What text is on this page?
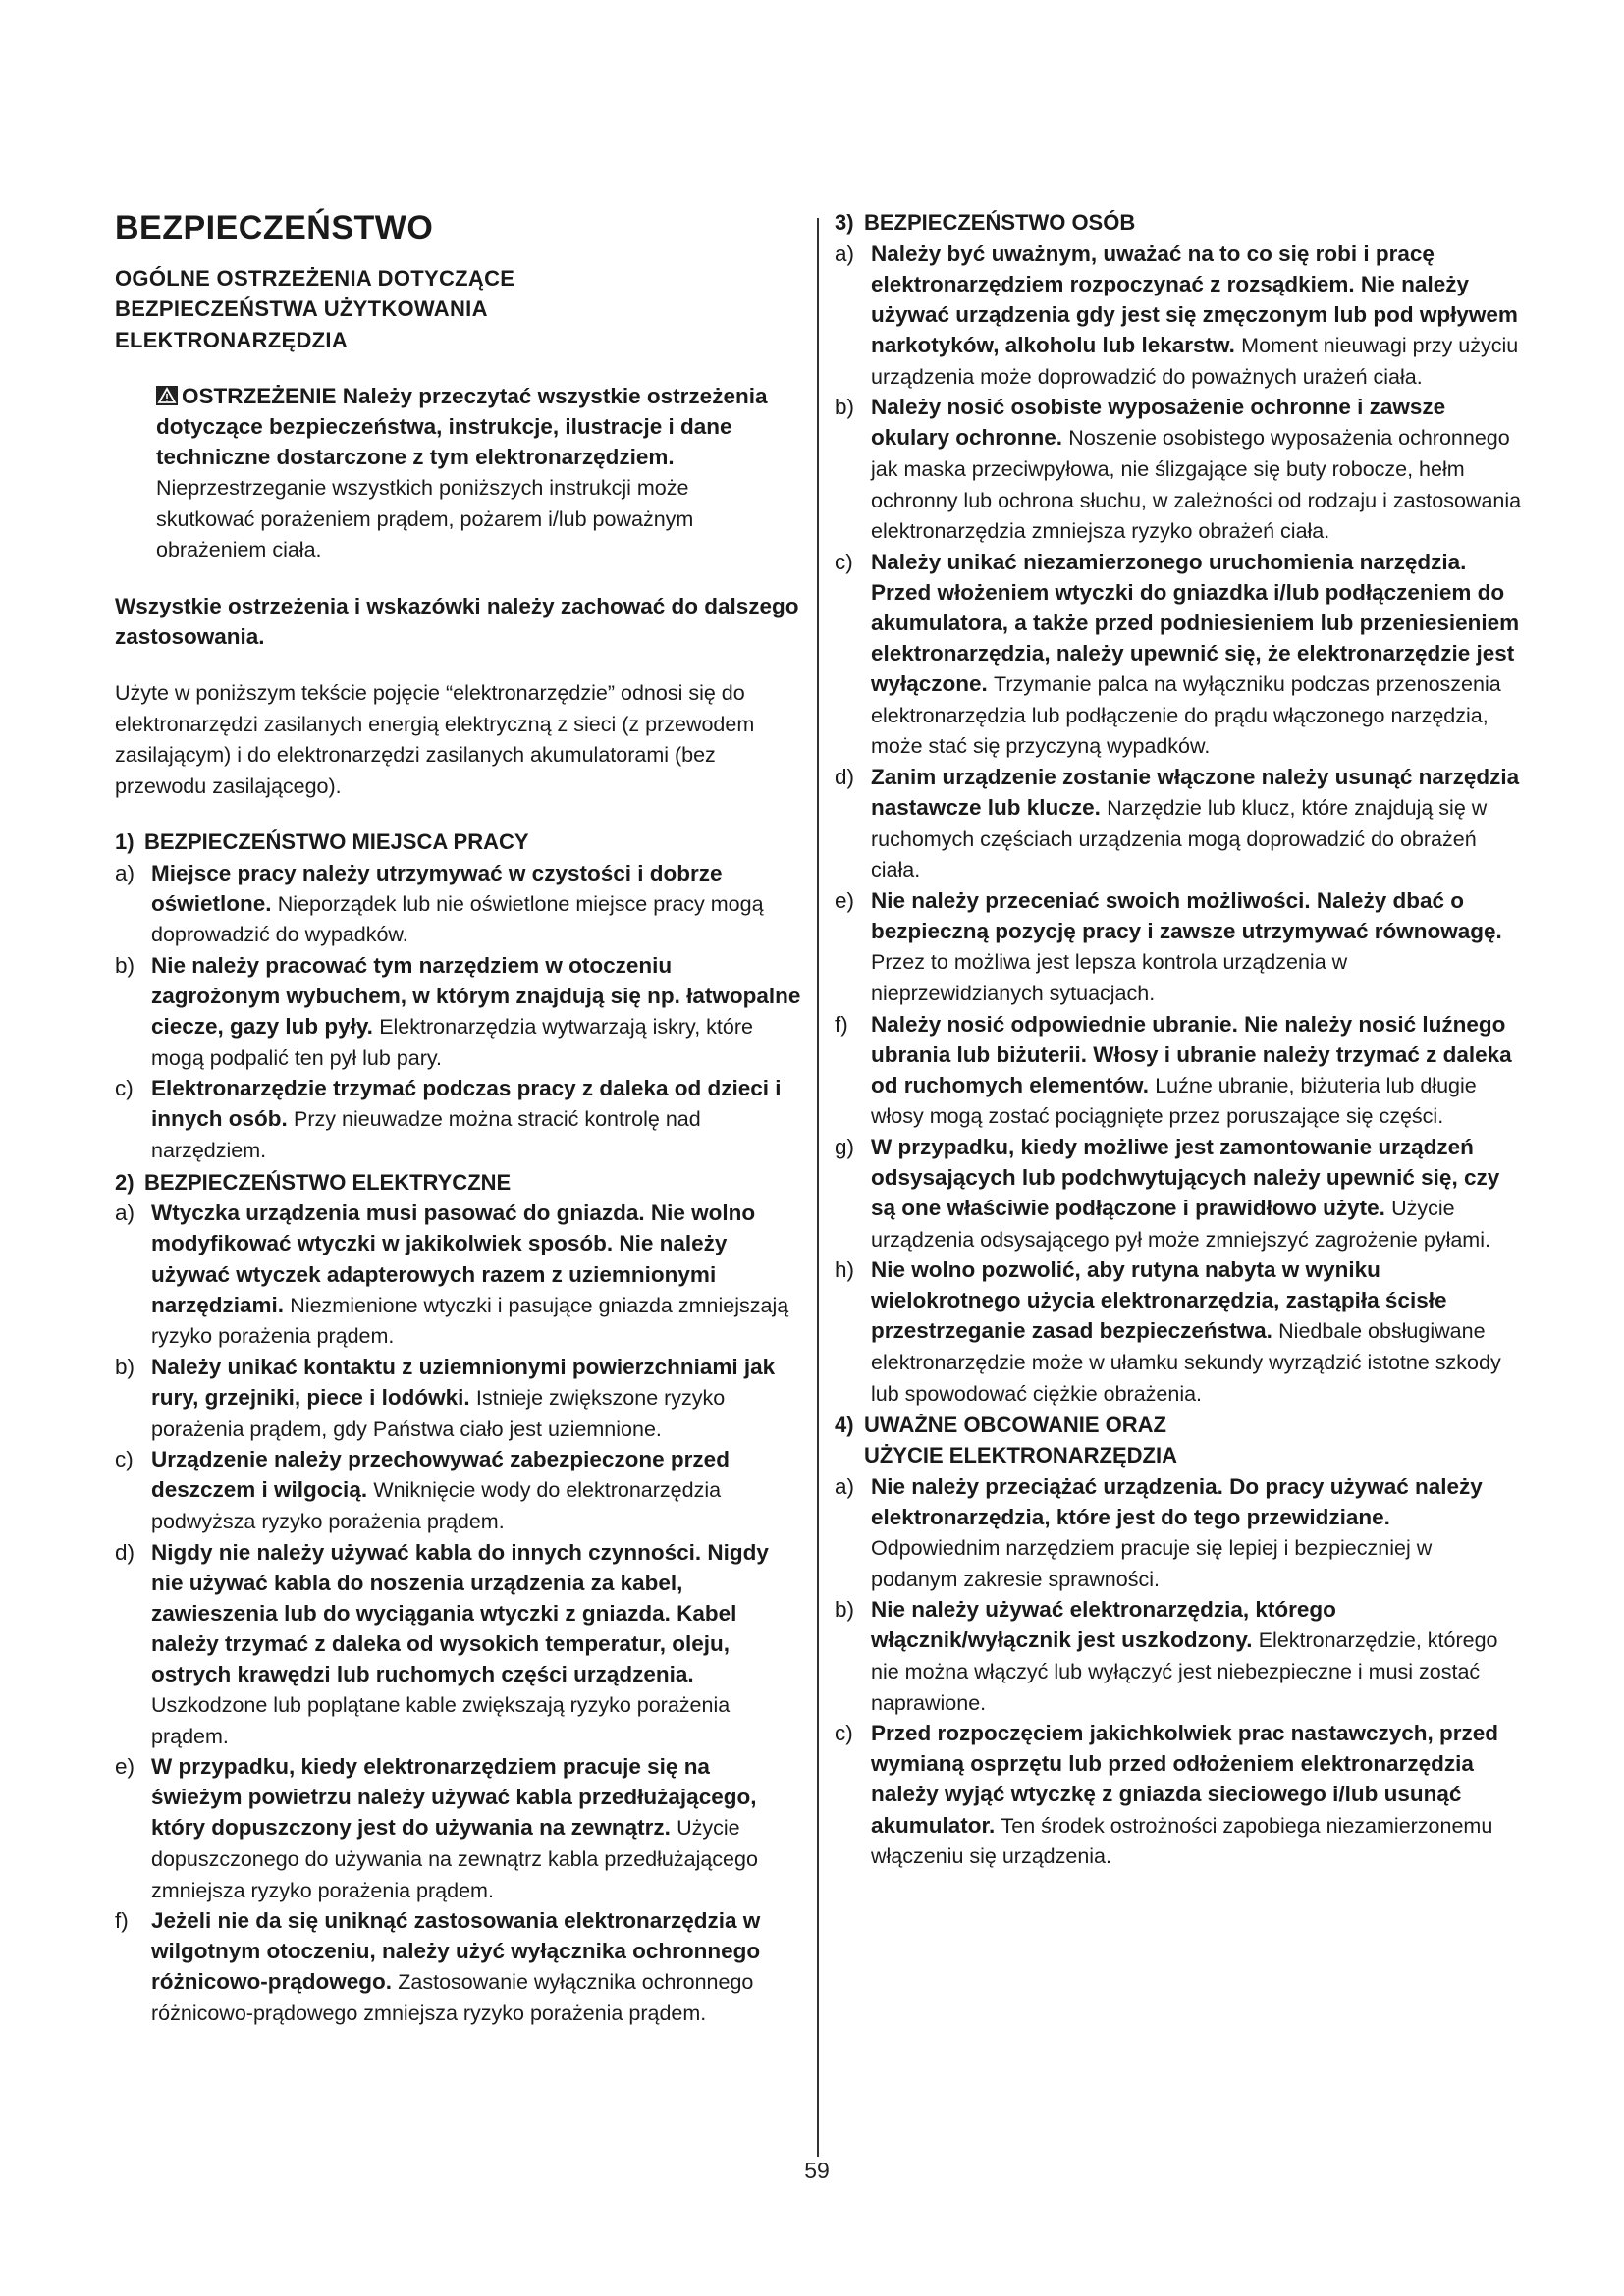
BEZPIECZEŃSTWO
OGÓLNE OSTRZEŻENIA DOTYCZĄCE BEZPIECZEŃSTWA UŻYTKOWANIA ELEKTRONARZĘDZIA

OSTRZEŻENIE Należy przeczytać wszystkie ostrzeżenia dotyczące bezpieczeństwa, instrukcje, ilustracje i dane techniczne dostarczone z tym elektronarzędziem. Nieprzestrzeganie wszystkich poniższych instrukcji może skutkować porażeniem prądem, pożarem i/lub poważnym obrażeniem ciała.

Wszystkie ostrzeżenia i wskazówki należy zachować do dalszego zastosowania.

Użyte w poniższym tekście pojęcie “elektronarzędzie” odnosi się do elektronarzędzi zasilanych energią elektryczną z sieci (z przewodem zasilającym) i do elektronarzędzi zasilanych akumulatorami (bez przewodu zasilającego).

1) BEZPIECZEŃSTWO MIEJSCA PRACY
a) Miejsce pracy należy utrzymywać w czystości i dobrze oświetlone. Nieporządek lub nie oświetlone miejsce pracy mogą doprowadzić do wypadków.
b) Nie należy pracować tym narzędziem w otoczeniu zagrożonym wybuchem, w którym znajdują się np. łatwopalne ciecze, gazy lub pyły. Elektronarzędzia wytwarzają iskry, które mogą podpalić ten pył lub pary.
c) Elektronarzędzie trzymać podczas pracy z daleka od dzieci i innych osób. Przy nieuwadze można stracić kontrolę nad narzędziem.
2) BEZPIECZEŃSTWO ELEKTRYCZNE
a) Wtyczka urządzenia musi pasować do gniazda. Nie wolno modyfikować wtyczki w jakikolwiek sposób. Nie należy używać wtyczek adapterowych razem z uziemnionymi narzędziami. Niezmienione wtyczki i pasujące gniazda zmniejszają ryzyko porażenia prądem.
b) Należy unikać kontaktu z uziemnionymi powierzchniami jak rury, grzejniki, piece i lodówki. Istnieje zwiększone ryzyko porażenia prądem, gdy Państwa ciało jest uziemnione.
c) Urządzenie należy przechowywać zabezpieczone przed deszczem i wilgocią. Wniknięcie wody do elektronarzędzia podwyższa ryzyko porażenia prądem.
d) Nigdy nie należy używać kabla do innych czynności. Nigdy nie używać kabla do noszenia urządzenia za kabel, zawieszenia lub do wyciągania wtyczki z gniazda. Kabel należy trzymać z daleka od wysokich temperatur, oleju, ostrych krawędzi lub ruchomych części urządzenia. Uszkodzone lub poplątane kable zwiększają ryzyko porażenia prądem.
e) W przypadku, kiedy elektronarzędziem pracuje się na świeżym powietrzu należy używać kabla przedłużającego, który dopuszczony jest do używania na zewnątrz. Użycie dopuszczonego do używania na zewnątrz kabla przedłużającego zmniejsza ryzyko porażenia prądem.
f) Jeżeli nie da się uniknąć zastosowania elektronarzędzia w wilgotnym otoczeniu, należy użyć wyłącznika ochronnego różnicowo-prądowego. Zastosowanie wyłącznika ochronnego różnicowo-prądowego zmniejsza ryzyko porażenia prądem.
3) BEZPIECZEŃSTWO OSÓB
a) Należy być uważnym, uważać na to co się robi i pracę elektronarzędziem rozpoczynać z rozsądkiem. Nie należy używać urządzenia gdy jest się zmęczonym lub pod wpływem narkotyków, alkoholu lub lekarstw. Moment nieuwagi przy użyciu urządzenia może doprowadzić do poważnych urażeń ciała.
b) Należy nosić osobiste wyposażenie ochronne i zawsze okulary ochronne. Noszenie osobistego wyposażenia ochronnego jak maska przeciwpyłowa, nie ślizgające się buty robocze, hełm ochronny lub ochrona słuchu, w zależności od rodzaju i zastosowania elektronarzędzia zmniejsza ryzyko obrażeń ciała.
c) Należy unikać niezamierzonego uruchomienia narzędzia. Przed włożeniem wtyczki do gniazdka i/lub podłączeniem do akumulatora, a także przed podniesieniem lub przeniesieniem elektronarzędzia, należy upewnić się, że elektronarzędzie jest wyłączone. Trzymanie palca na wyłączniku podczas przenoszenia elektronarzędzia lub podłączenie do prądu włączonego narzędzia, może stać się przyczyną wypadków.
d) Zanim urządzenie zostanie włączone należy usunąć narzędzia nastawcze lub klucze. Narzędzie lub klucz, które znajdują się w ruchomych częściach urządzenia mogą doprowadzić do obrażeń ciała.
e) Nie należy przeceniać swoich możliwości. Należy dbać o bezpieczną pozycję pracy i zawsze utrzymywać równowagę. Przez to możliwa jest lepsza kontrola urządzenia w nieprzewidzianych sytuacjach.
f) Należy nosić odpowiednie ubranie. Nie należy nosić luźnego ubrania lub biżuterii. Włosy i ubranie należy trzymać z daleka od ruchomych elementów. Luźne ubranie, biżuteria lub długie włosy mogą zostać pociągnięte przez poruszające się części.
g) W przypadku, kiedy możliwe jest zamontowanie urządzeń odsysających lub podchwytujących należy upewnić się, czy są one właściwie podłączone i prawidłowo użyte. Użycie urządzenia odsysającego pył może zmniejszyć zagrożenie pyłami.
h) Nie wolno pozwolić, aby rutyna nabyta w wyniku wielokrotnego użycia elektronarzędzia, zastąpiła ścisłe przestrzeganie zasad bezpieczeństwa. Niedbale obsługiwane elektronarzędzie może w ułamku sekundy wyrządzić istotne szkody lub spowodować ciężkie obrażenia.
4) UWAŻNE OBCOWANIE ORAZ UŻYCIE ELEKTRONARZĘDZIA
a) Nie należy przeciążać urządzenia. Do pracy używać należy elektronarzędzia, które jest do tego przewidziane. Odpowiednim narzędziem pracuje się lepiej i bezpieczniej w podanym zakresie sprawności.
b) Nie należy używać elektronarzędzia, którego włącznik/wyłącznik jest uszkodzony. Elektronarzędzie, którego nie można włączyć lub wyłączyć jest niebezpieczne i musi zostać naprawione.
c) Przed rozpoczęciem jakichkolwiek prac nastawczych, przed wymianą osprzętu lub przed odłożeniem elektronarzędzia należy wyjąć wtyczkę z gniazda sieciowego i/lub usunąć akumulator. Ten środek ostrożności zapobiega niezamierzonemu włączeniu się urządzenia.
59
